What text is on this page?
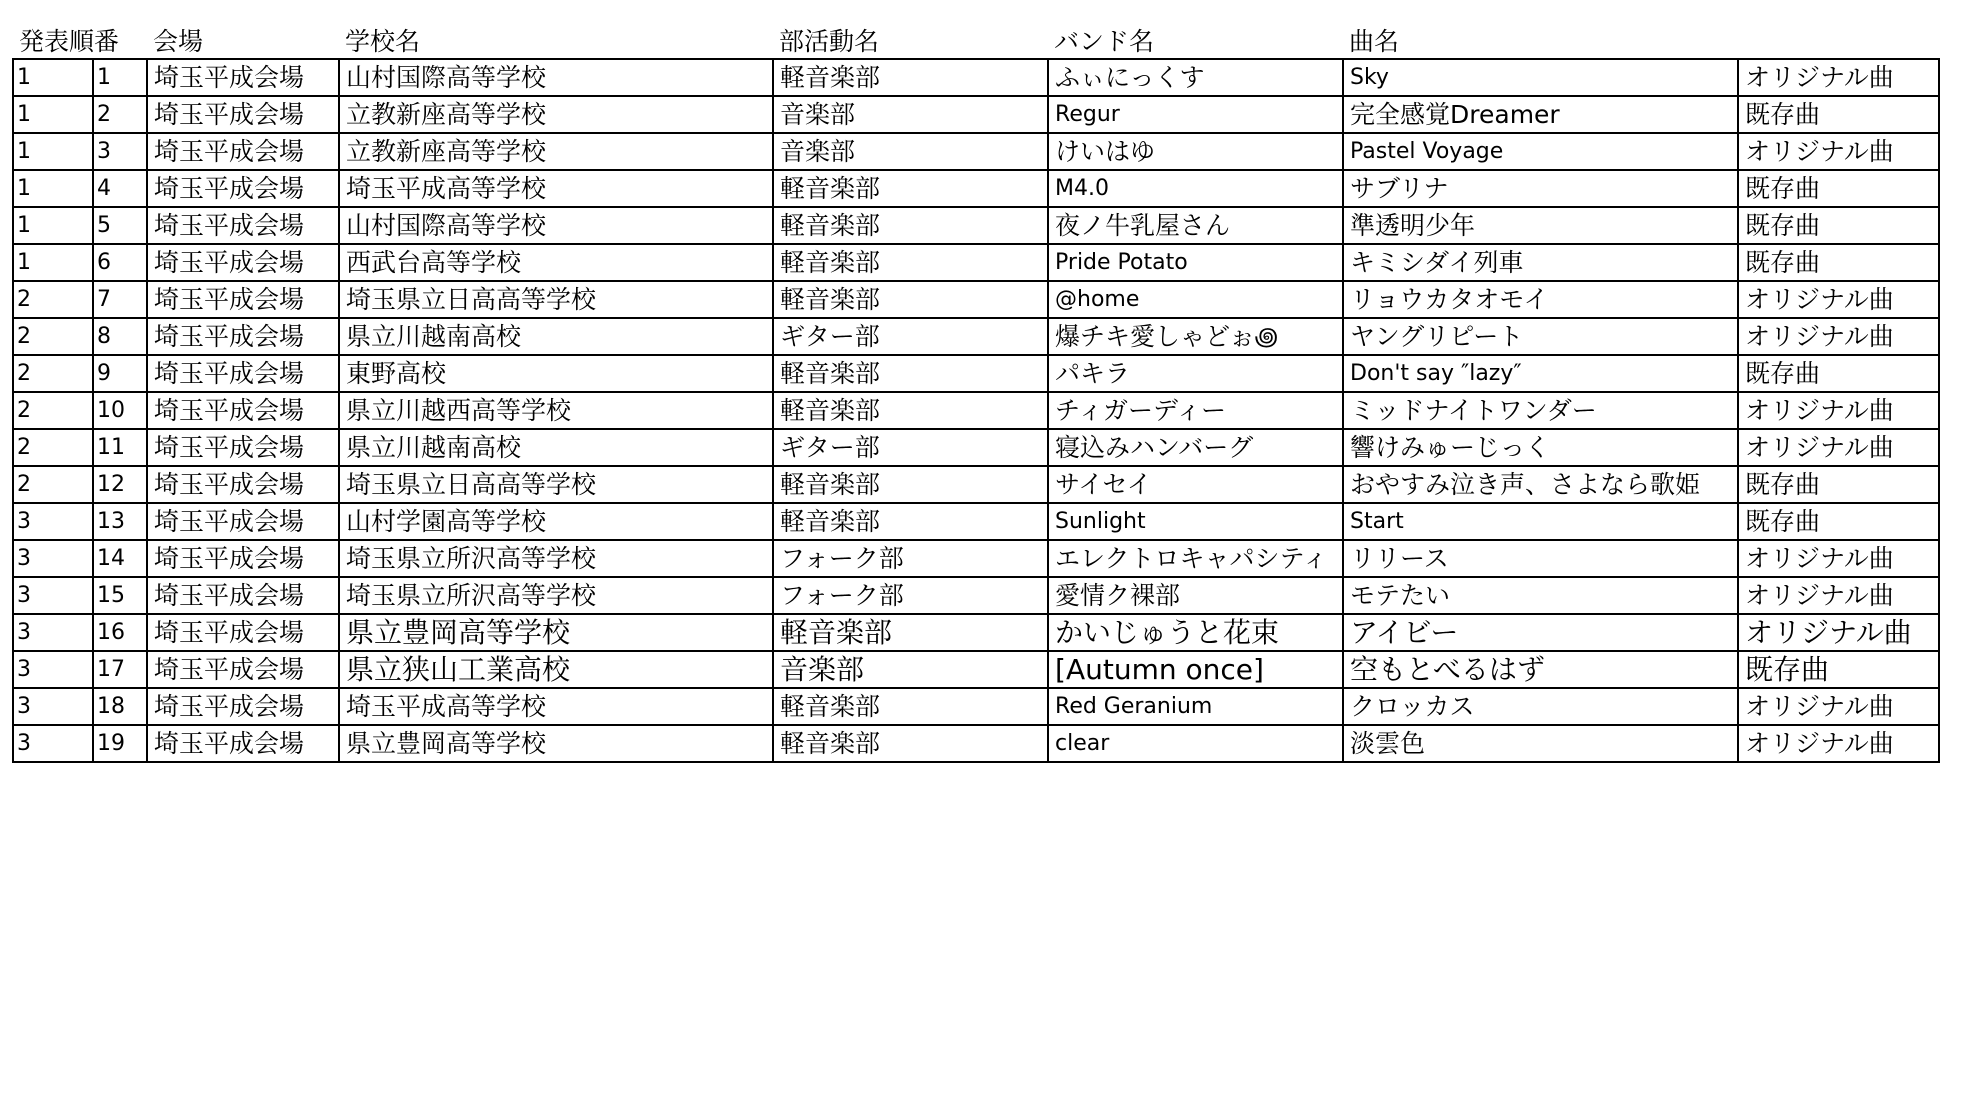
発表順番		会場	学校名	部活動名	バンド名	曲名	
1	1	埼玉平成会場	山村国際高等学校	軽音楽部	ふぃにっくす	Sky	オリジナル曲
1	2	埼玉平成会場	立教新座高等学校	音楽部	Regur	完全感覚Dreamer	既存曲
1	3	埼玉平成会場	立教新座高等学校	音楽部	けいはゆ	Pastel Voyage	オリジナル曲
1	4	埼玉平成会場	埼玉平成高等学校	軽音楽部	M4.0	サブリナ	既存曲
1	5	埼玉平成会場	山村国際高等学校	軽音楽部	夜ノ牛乳屋さん	準透明少年	既存曲
1	6	埼玉平成会場	西武台高等学校	軽音楽部	Pride Potato	キミシダイ列車	既存曲
2	7	埼玉平成会場	埼玉県立日高高等学校	軽音楽部	@home	リョウカタオモイ	オリジナル曲
2	8	埼玉平成会場	県立川越南高校	ギター部	爆チキ愛しゃどぉ꩜	ヤングリピート	オリジナル曲
2	9	埼玉平成会場	東野高校	軽音楽部	パキラ	Don't say ″lazy″	既存曲
2	10	埼玉平成会場	県立川越西高等学校	軽音楽部	チィガーディー	ミッドナイトワンダー	オリジナル曲
2	11	埼玉平成会場	県立川越南高校	ギター部	寝込みハンバーグ	響けみゅーじっく	オリジナル曲
2	12	埼玉平成会場	埼玉県立日高高等学校	軽音楽部	サイセイ	おやすみ泣き声、さよなら歌姫	既存曲
3	13	埼玉平成会場	山村学園高等学校	軽音楽部	Sunlight	Start	既存曲
3	14	埼玉平成会場	埼玉県立所沢高等学校	フォーク部	エレクトロキャパシティ	リリース	オリジナル曲
3	15	埼玉平成会場	埼玉県立所沢高等学校	フォーク部	愛情ク裸部	モテたい	オリジナル曲
3	16	埼玉平成会場	県立豊岡高等学校	軽音楽部	かいじゅうと花束	アイビー	オリジナル曲
3	17	埼玉平成会場	県立狭山工業高校	音楽部	[Autumn once]	空もとべるはず	既存曲
3	18	埼玉平成会場	埼玉平成高等学校	軽音楽部	Red Geranium	クロッカス	オリジナル曲
3	19	埼玉平成会場	県立豊岡高等学校	軽音楽部	clear	淡雲色	オリジナル曲
